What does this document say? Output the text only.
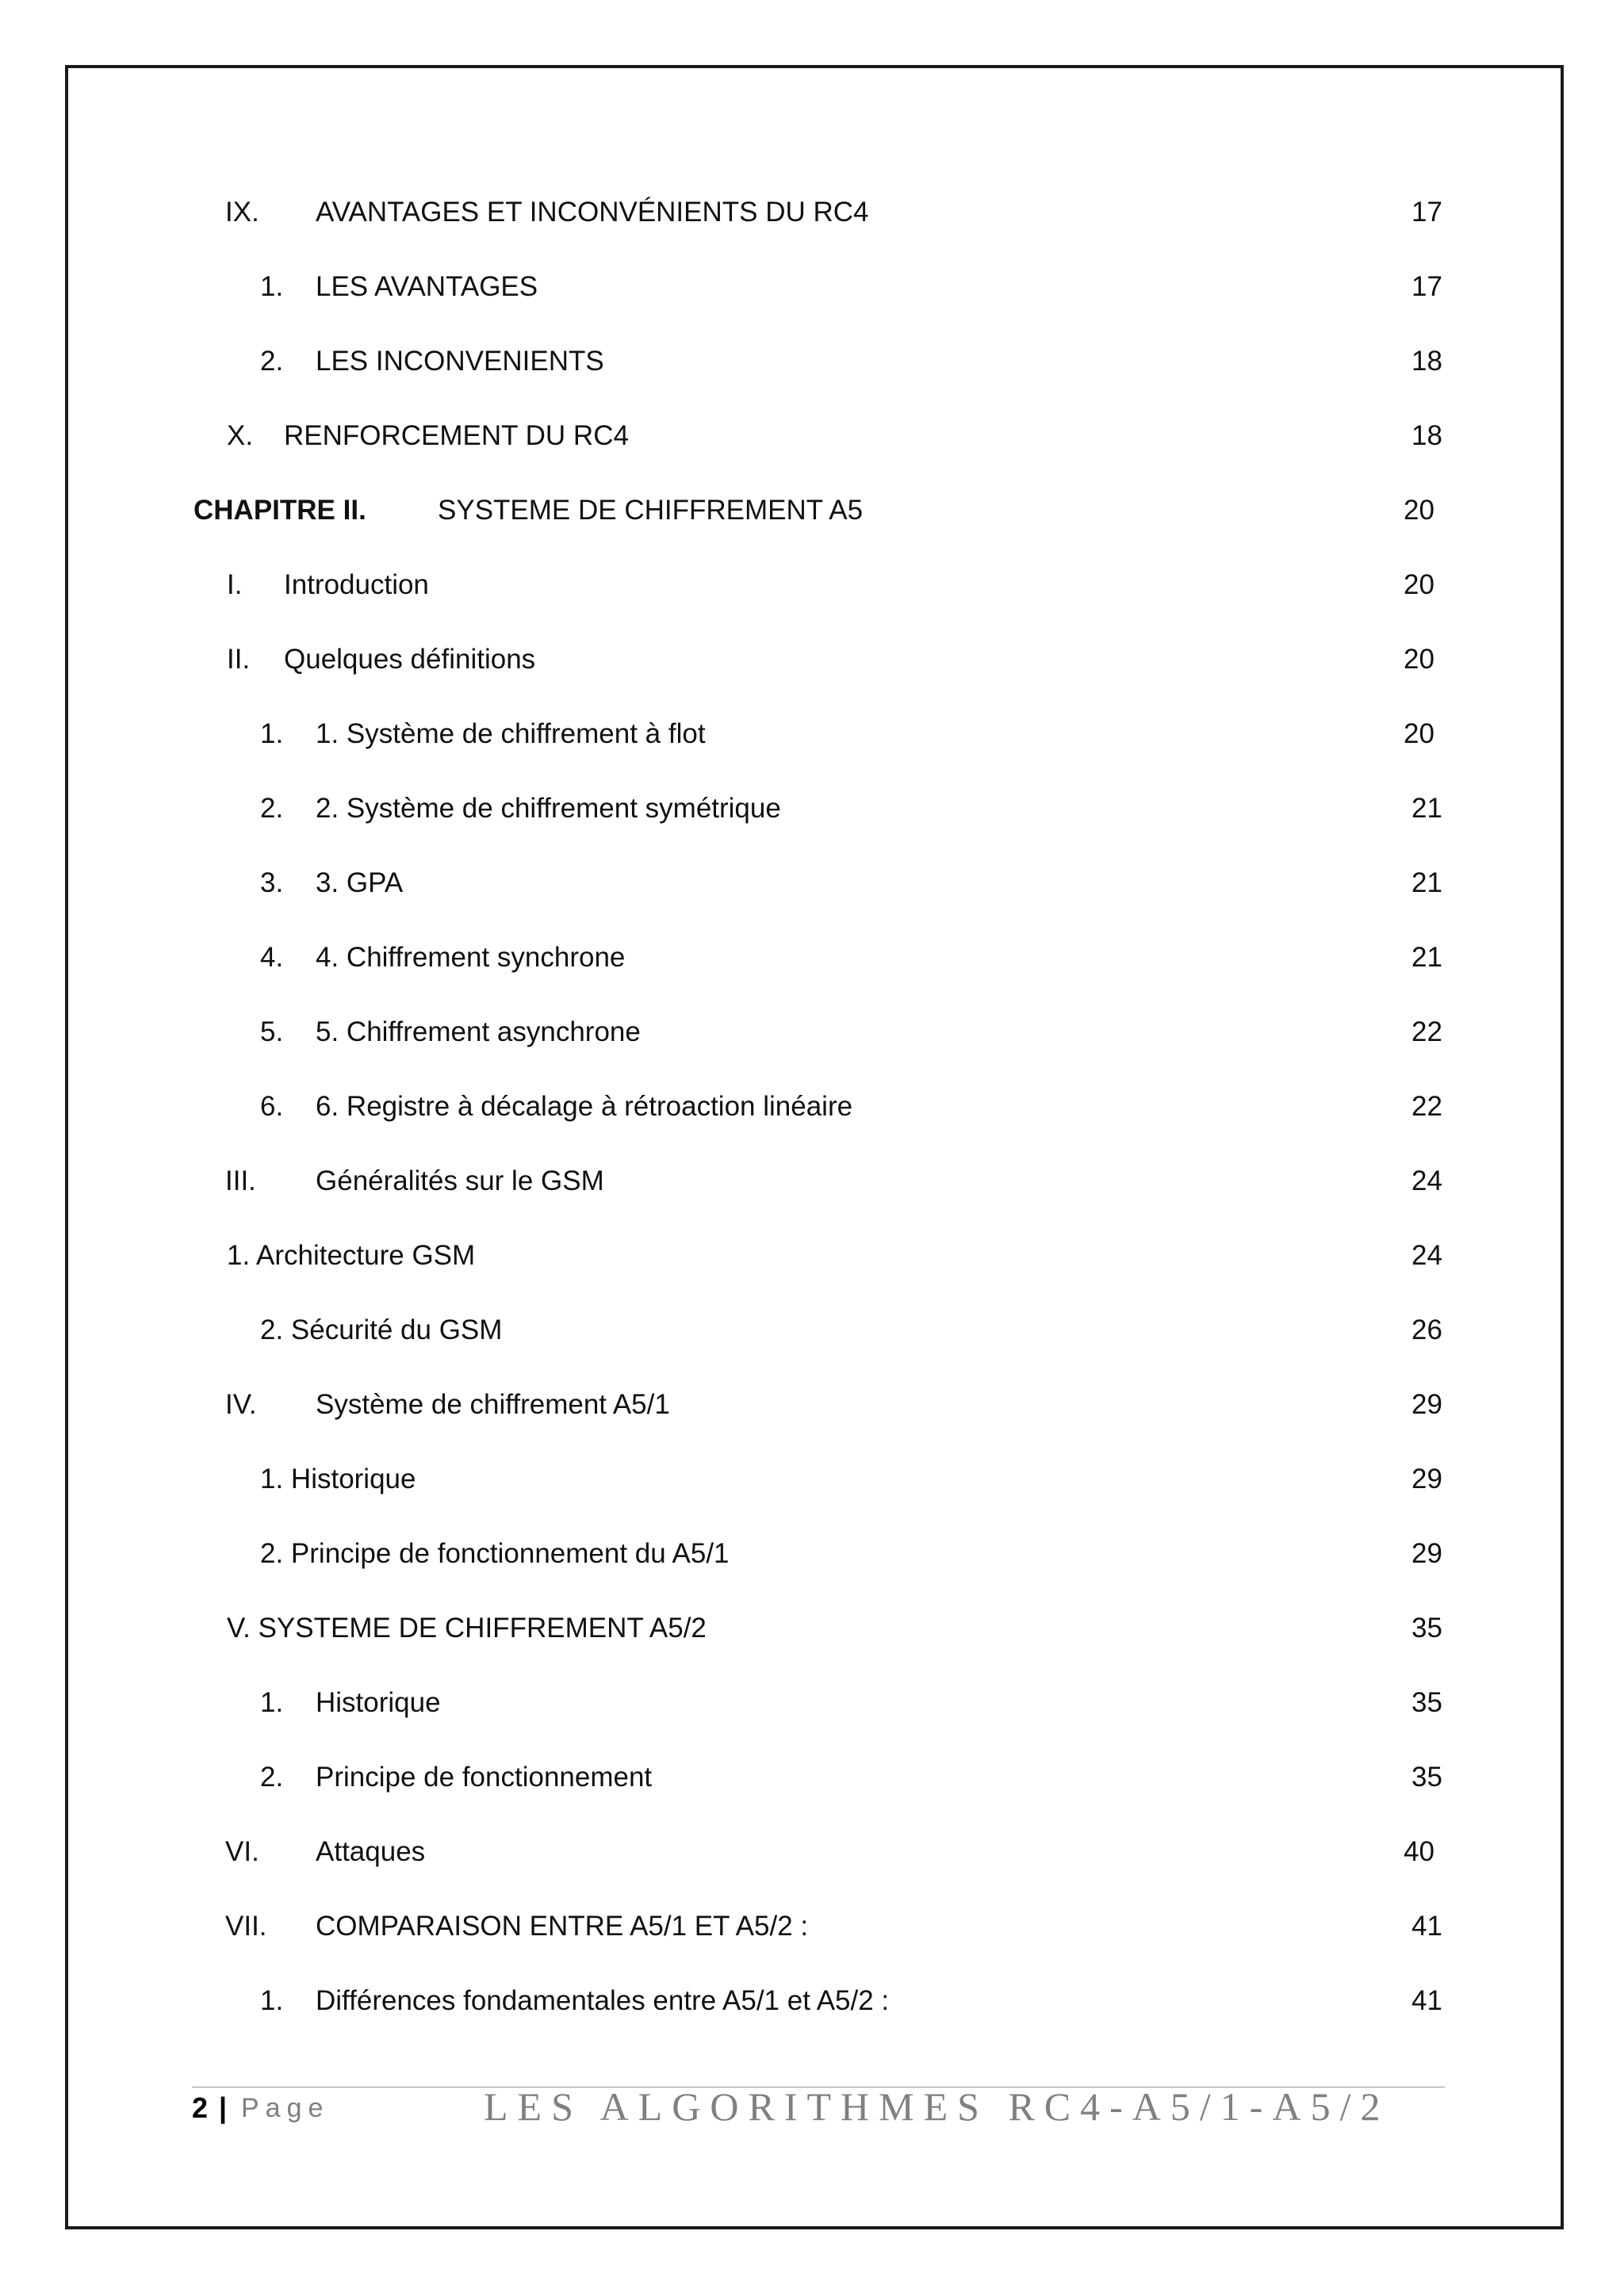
IX. AVANTAGES ET INCONVÉNIENTS DU RC4	17
1. LES AVANTAGES	17
2. LES INCONVENIENTS	18
X. RENFORCEMENT DU RC4	18
CHAPITRE II.	SYSTEME DE CHIFFREMENT A5	20
I. Introduction	20
II. Quelques définitions	20
1. 1. Système de chiffrement à flot	20
2. 2. Système de chiffrement symétrique	21
3. 3. GPA	21
4. 4. Chiffrement synchrone	21
5. 5. Chiffrement asynchrone	22
6. 6. Registre à décalage à rétroaction linéaire	22
III. Généralités sur le GSM	24
1. Architecture GSM	24
2. Sécurité du GSM	26
IV. Système de chiffrement A5/1	29
1. Historique	29
2. Principe de fonctionnement du A5/1	29
V. SYSTEME DE CHIFFREMENT A5/2	35
1. Historique	35
2. Principe de fonctionnement	35
VI. Attaques	40
VII. COMPARAISON ENTRE A5/1 ET A5/2 :	41
1. Différences fondamentales entre A5/1 et A5/2 :	41
2 | Page	LES ALGORITHMES RC4-A5/1-A5/2
